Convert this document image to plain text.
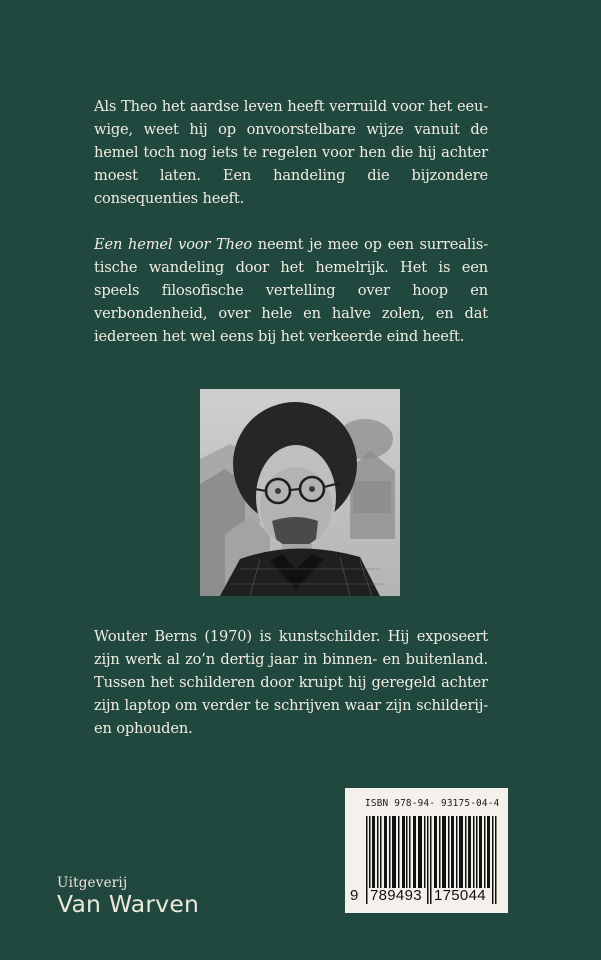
Als Theo het aardse leven heeft verruild voor het eeu-wige, weet hij op onvoorstelbare wijze vanuit de hemel toch nog iets te regelen voor hen die hij achter moest laten. Een handeling die bijzondere consequenties heeft.

Een hemel voor Theo neemt je mee op een surrealis-tische wandeling door het hemelrijk. Het is een speels filosofische vertelling over hoop en verbondenheid, over hele en halve zolen, en dat iedereen het wel eens bij het verkeerde eind heeft.

Wouter Berns (1970) is kunstschilder. Hij exposeert zijn werk al zo’n dertig jaar in binnen- en buitenland. Tussen het schilderen door kruipt hij geregeld achter zijn laptop om verder te schrijven waar zijn schilderij-en ophouden.

ISBN 978-94- 93175-04-4
9 789493 175044
Uitgeverij
Van Warven
